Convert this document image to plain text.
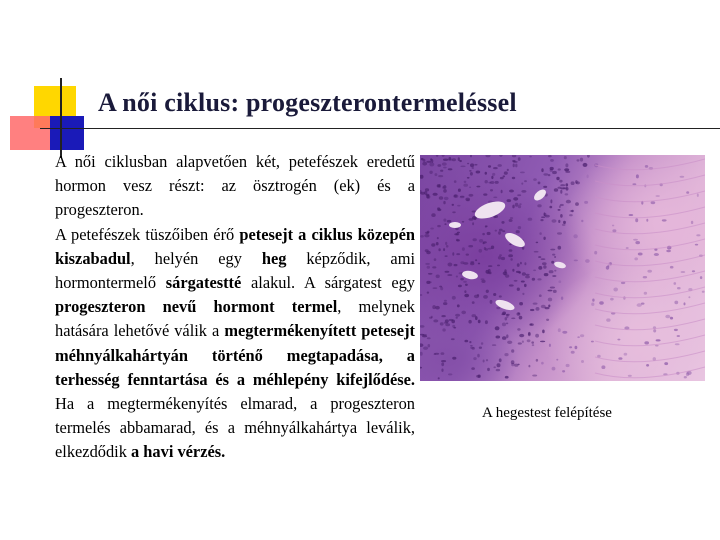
A női ciklus: progeszterontermeléssel

A női ciklusban alapvetően két, petefészek eredetű hormon vesz részt: az ösztrogén (ek) és a progeszteron.
A petefészek tüszőiben érő petesejt a ciklus közepén kiszabadul, helyén egy heg képződik, ami hormontermelő sárgatestté alakul. A sárgatest egy progeszteron nevű hormont termel, melynek hatására lehetővé válik a megtermékenyített petesejt méhnyálkahártyán történő megtapadása, a terhesség fenntartása és a méhlepény kifejlődése. Ha a megtermékenyítés elmarad, a progeszteron termelés abbamarad, és a méhnyálkahártya leválik, elkezdődik a havi vérzés.

A hegestest felépítése
